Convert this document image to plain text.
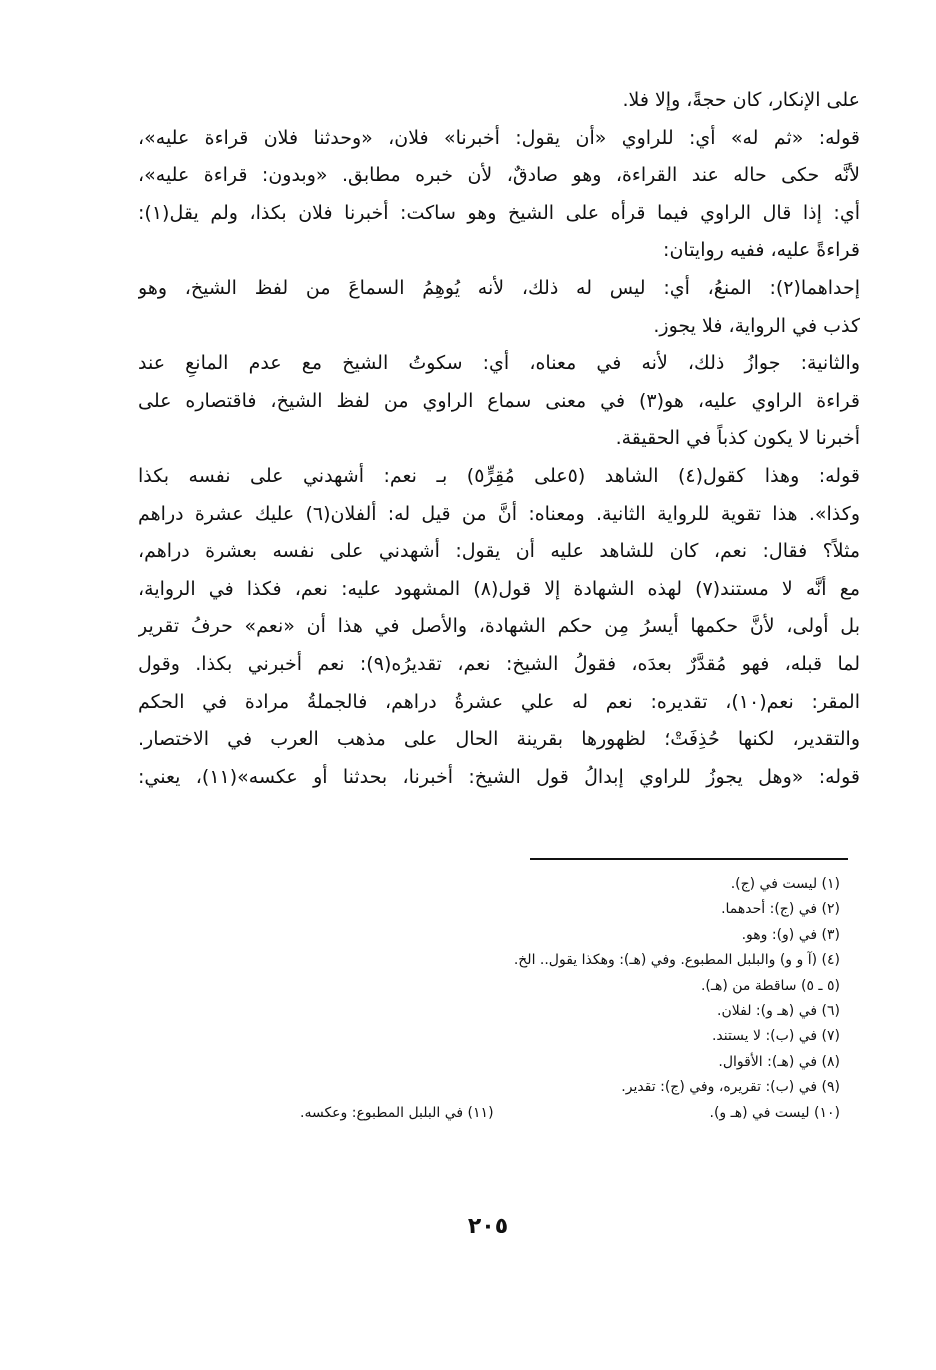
على الإنكار، كان حجةً، وإلا فلا.
قوله: «ثم له» أي: للراوي «أن يقول: أخبرنا» فلان، «وحدثنا فلان قراءة عليه»،
لأنَّه حكى حاله عند القراءة، وهو صادقٌ، لأن خبره مطابق. «وبدون: قراءة عليه»،
أي: إذا قال الراوي فيما قرأه على الشيخ وهو ساكت: أخبرنا فلان بكذا، ولم يقل(١):
قراءةً عليه، ففيه روايتان:
إحداهما(٢): المنعُ، أي: ليس له ذلك، لأنه يُوهِمُ السماعَ من لفظ الشيخ، وهو
كذب في الرواية، فلا يجوز.
والثانية: جوازُ ذلك، لأنه في معناه، أي: سكوتُ الشيخ مع عدم المانعِ عند
قراءة الراوي عليه، هو(٣) في معنى سماع الراوي من لفظ الشيخ، فاقتصاره على
أخبرنا لا يكون كذباً في الحقيقة.
قوله: وهذا كقول(٤) الشاهد (٥على مُقِرٍّ٥) بـ نعم: أشهدني على نفسه بكذا
وكذا». هذا تقوية للرواية الثانية. ومعناه: أنَّ من قيل له: ألفلان(٦) عليك عشرة دراهم
مثلاً؟ فقال: نعم، كان للشاهد عليه أن يقول: أشهدني على نفسه بعشرة دراهم،
مع أنَّه لا مستند(٧) لهذه الشهادة إلا قول(٨) المشهود عليه: نعم، فكذا في الرواية،
بل أولى، لأنَّ حكمها أيسرُ مِن حكم الشهادة، والأصل في هذا أن «نعم» حرفُ تقرير
لما قبله، فهو مُقدَّرٌ بعدَه، فقولُ الشيخ: نعم، تقديرُه(٩): نعم أخبرني بكذا. وقول
المقر: نعم(١٠)، تقديره: نعم له علي عشرةُ دراهم، فالجملةُ مرادة في الحكم
والتقدير، لكنها حُذِفَتْ؛ لظهورها بقرينة الحال على مذهب العرب في الاختصار.
قوله: «وهل يجوزُ للراوي إبدالُ قول الشيخ: أخبرنا، بحدثنا أو عكسه»(١١)، يعني:
(١) ليست في (ج).
(٢) في (ج): أحدهما.
(٣) في (و): وهو.
(٤) (آ و و) والبلبل المطبوع. وفي (هـ): وهكذا يقول.. الخ.
(٥ ـ ٥) ساقطة من (هـ).
(٦) في (هـ و): لفلان.
(٧) في (ب): لا يستند.
(٨) في (هـ): الأقوال.
(٩) في (ب): تقريره، وفي (ج): تقدير.
(١٠) ليست في (هـ و).
(١١) في البلبل المطبوع: وعكسه.
٢٠٥
